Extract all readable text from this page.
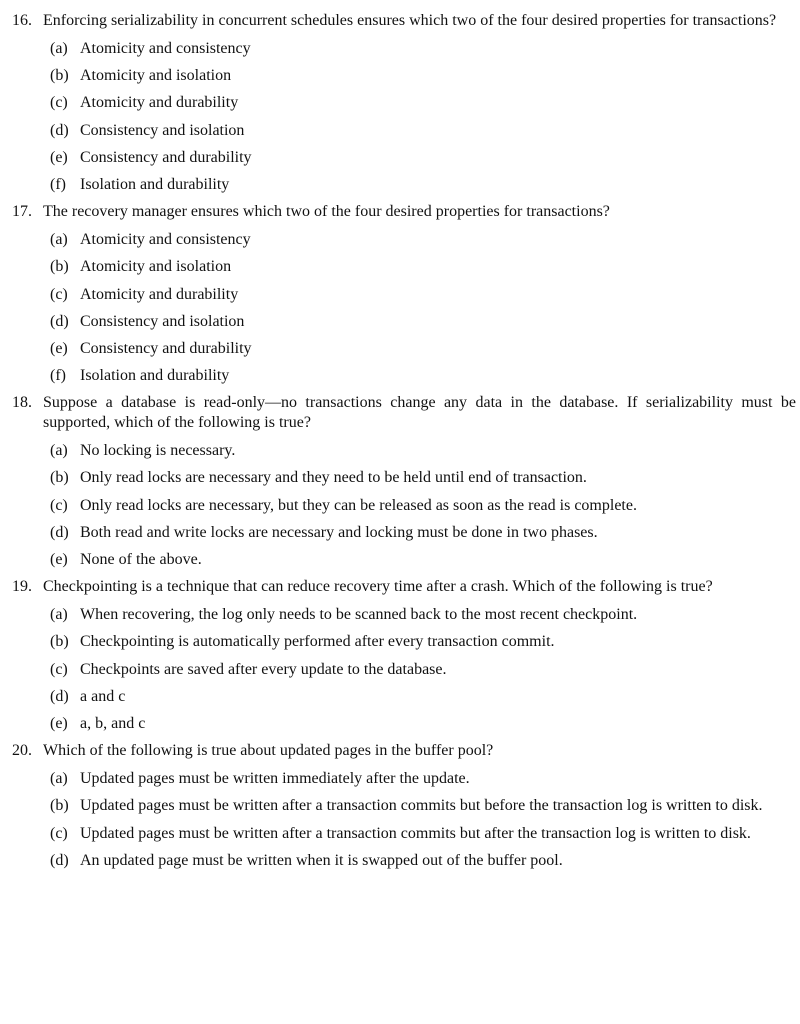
16. Enforcing serializability in concurrent schedules ensures which two of the four desired properties for transactions?
(a) Atomicity and consistency
(b) Atomicity and isolation
(c) Atomicity and durability
(d) Consistency and isolation
(e) Consistency and durability
(f) Isolation and durability
17. The recovery manager ensures which two of the four desired properties for transactions?
(a) Atomicity and consistency
(b) Atomicity and isolation
(c) Atomicity and durability
(d) Consistency and isolation
(e) Consistency and durability
(f) Isolation and durability
18. Suppose a database is read-only—no transactions change any data in the database. If serializability must be supported, which of the following is true?
(a) No locking is necessary.
(b) Only read locks are necessary and they need to be held until end of transaction.
(c) Only read locks are necessary, but they can be released as soon as the read is complete.
(d) Both read and write locks are necessary and locking must be done in two phases.
(e) None of the above.
19. Checkpointing is a technique that can reduce recovery time after a crash. Which of the following is true?
(a) When recovering, the log only needs to be scanned back to the most recent checkpoint.
(b) Checkpointing is automatically performed after every transaction commit.
(c) Checkpoints are saved after every update to the database.
(d) a and c
(e) a, b, and c
20. Which of the following is true about updated pages in the buffer pool?
(a) Updated pages must be written immediately after the update.
(b) Updated pages must be written after a transaction commits but before the transaction log is written to disk.
(c) Updated pages must be written after a transaction commits but after the transaction log is written to disk.
(d) An updated page must be written when it is swapped out of the buffer pool.
